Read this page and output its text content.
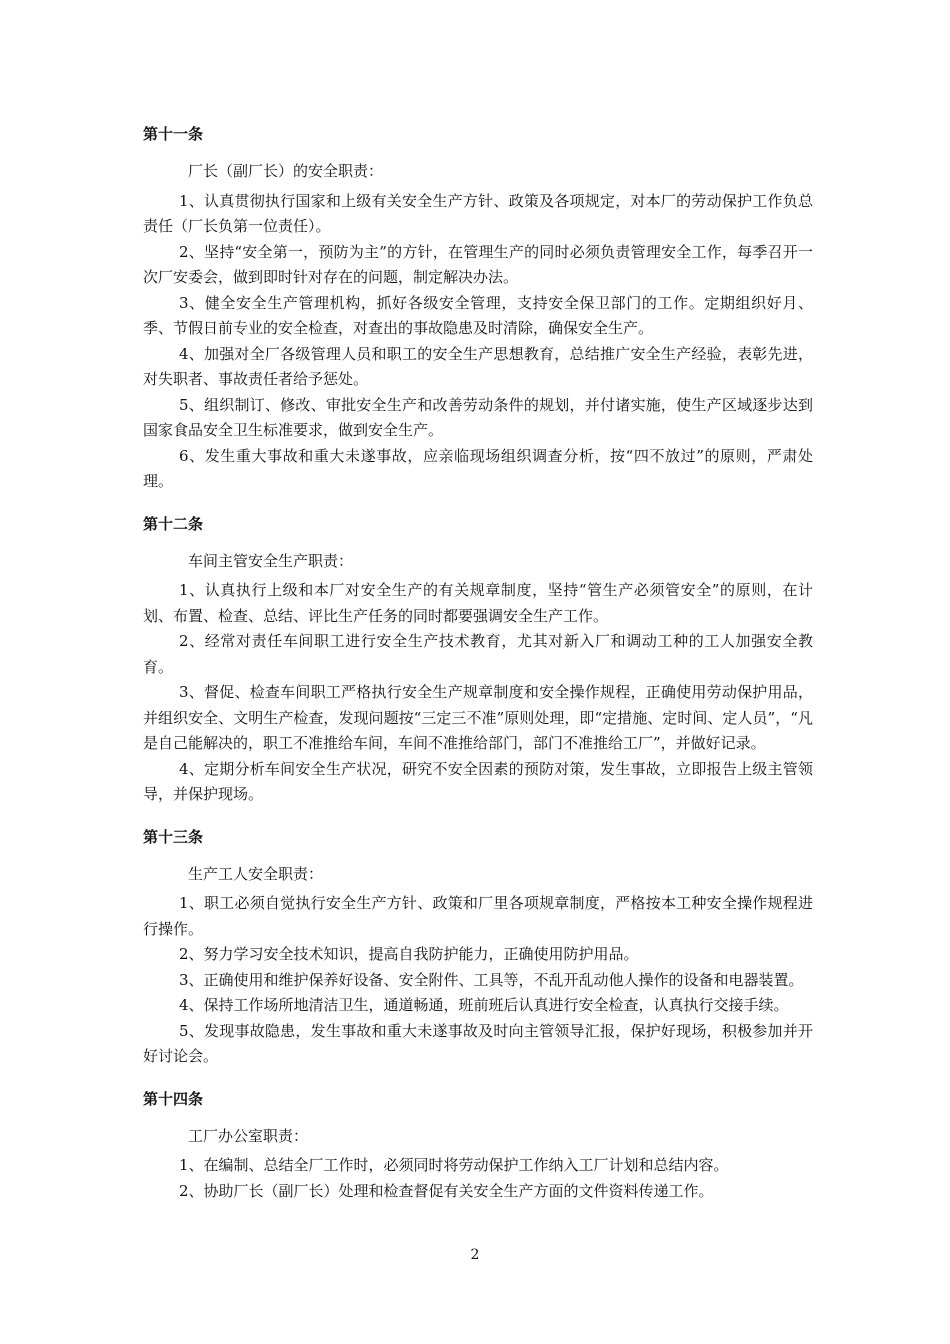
第十一条

厂长（副厂长）的安全职责：

1、认真贯彻执行国家和上级有关安全生产方针、政策及各项规定，对本厂的劳动保护工作负总责任（厂长负第一位责任）。

2、坚持“安全第一，预防为主”的方针，在管理生产的同时必须负责管理安全工作，每季召开一次厂安委会，做到即时针对存在的问题，制定解决办法。

3、健全安全生产管理机构，抓好各级安全管理，支持安全保卫部门的工作。定期组织好月、季、节假日前专业的安全检查，对查出的事故隐患及时清除，确保安全生产。

4、加强对全厂各级管理人员和职工的安全生产思想教育，总结推广安全生产经验，表彰先进，对失职者、事故责任者给予惩处。

5、组织制订、修改、审批安全生产和改善劳动条件的规划，并付诸实施，使生产区域逐步达到国家食品安全卫生标准要求，做到安全生产。

6、发生重大事故和重大未遂事故，应亲临现场组织调查分析，按“四不放过”的原则，严肃处理。

第十二条

车间主管安全生产职责：

1、认真执行上级和本厂对安全生产的有关规章制度，坚持“管生产必须管安全”的原则，在计划、布置、检查、总结、评比生产任务的同时都要强调安全生产工作。

2、经常对责任车间职工进行安全生产技术教育，尤其对新入厂和调动工种的工人加强安全教育。

3、督促、检查车间职工严格执行安全生产规章制度和安全操作规程，正确使用劳动保护用品，并组织安全、文明生产检查，发现问题按“三定三不准”原则处理，即“定措施、定时间、定人员”，“凡是自己能解决的，职工不准推给车间，车间不准推给部门，部门不准推给工厂”，并做好记录。

4、定期分析车间安全生产状况，研究不安全因素的预防对策，发生事故，立即报告上级主管领导，并保护现场。

第十三条

生产工人安全职责：

1、职工必须自觉执行安全生产方针、政策和厂里各项规章制度，严格按本工种安全操作规程进行操作。

2、努力学习安全技术知识，提高自我防护能力，正确使用防护用品。

3、正确使用和维护保养好设备、安全附件、工具等，不乱开乱动他人操作的设备和电器装置。

4、保持工作场所地清洁卫生，通道畅通，班前班后认真进行安全检查，认真执行交接手续。

5、发现事故隐患，发生事故和重大未遂事故及时向主管领导汇报，保护好现场，积极参加并开好讨论会。

第十四条

工厂办公室职责：

1、在编制、总结全厂工作时，必须同时将劳动保护工作纳入工厂计划和总结内容。

2、协助厂长（副厂长）处理和检查督促有关安全生产方面的文件资料传递工作。

2
